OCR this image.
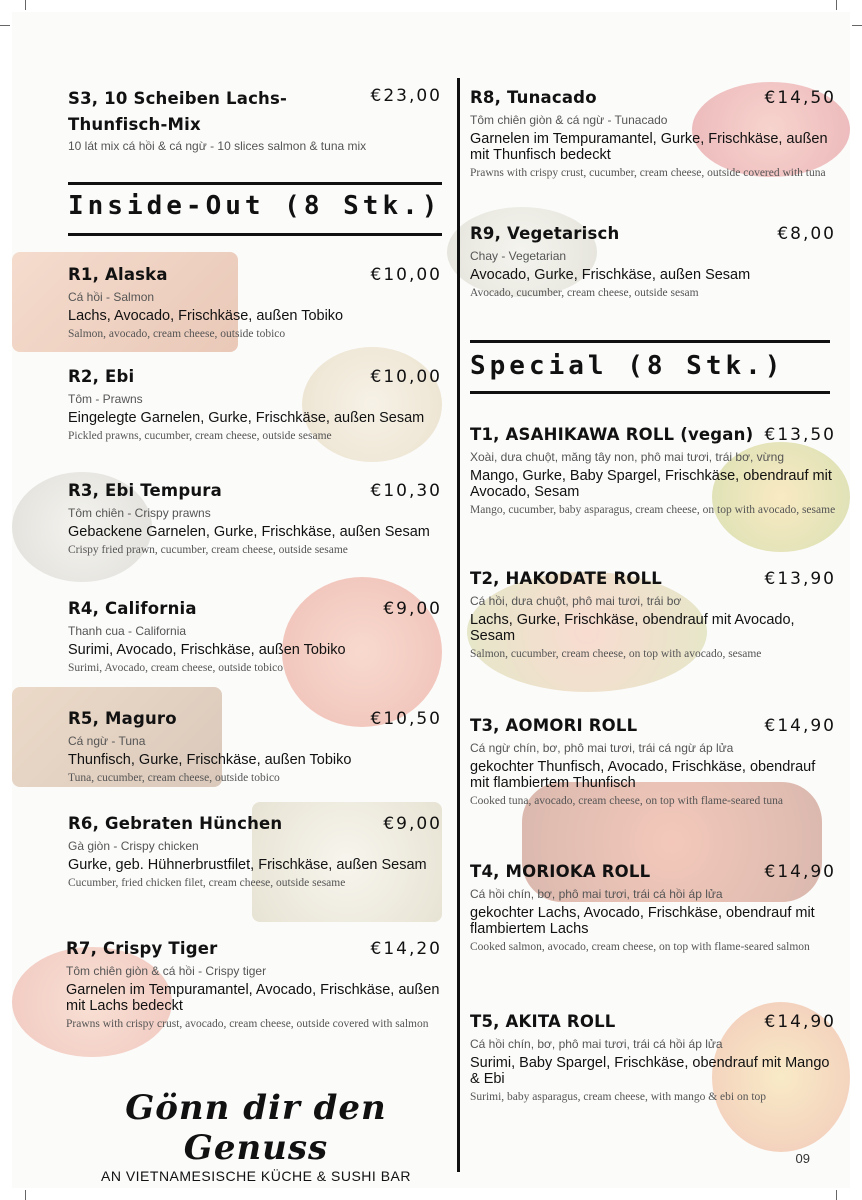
S3, 10 Scheiben Lachs-
Thunfisch-Mix
€23,00
10 lát mix cá hồi & cá ngừ - 10 slices salmon & tuna mix
Inside-Out (8 Stk.)
R1, Alaska	€10,00
Cá hồi - Salmon
Lachs, Avocado, Frischkäse, außen Tobiko
Salmon, avocado, cream cheese, outside tobico
R2, Ebi	€10,00
Tôm - Prawns
Eingelegte Garnelen, Gurke, Frischkäse, außen Sesam
Pickled prawns, cucumber, cream cheese, outside sesame
R3, Ebi Tempura	€10,30
Tôm chiên - Crispy prawns
Gebackene Garnelen, Gurke, Frischkäse, außen Sesam
Crispy fried prawn, cucumber, cream cheese, outside sesame
R4, California	€9,00
Thanh cua - California
Surimi, Avocado, Frischkäse, außen Tobiko
Surimi, Avocado, cream cheese, outside tobico
R5, Maguro	€10,50
Cá ngừ - Tuna
Thunfisch, Gurke, Frischkäse, außen Tobiko
Tuna, cucumber, cream cheese, outside tobico
R6, Gebraten Hünchen	€9,00
Gà giòn - Crispy chicken
Gurke, geb. Hühnerbrustfilet, Frischkäse, außen Sesam
Cucumber, fried chicken filet, cream cheese, outside sesame
R7, Crispy Tiger	€14,20
Tôm chiên giòn & cá hồi - Crispy tiger
Garnelen im Tempuramantel, Avocado, Frischkäse, außen mit Lachs bedeckt
Prawns with crispy crust, avocado, cream cheese, outside covered with salmon
R8, Tunacado	€14,50
Tôm chiên giòn & cá ngừ - Tunacado
Garnelen im Tempuramantel, Gurke, Frischkäse, außen mit Thunfisch bedeckt
Prawns with crispy crust, cucumber, cream cheese, outside covered with tuna
R9, Vegetarisch	€8,00
Chay - Vegetarian
Avocado, Gurke, Frischkäse, außen Sesam
Avocado, cucumber, cream cheese, outside sesam
Special (8 Stk.)
T1, ASAHIKAWA ROLL (vegan) €13,50
Xoài, dưa chuột, măng tây non, phô mai tươi, trái bơ, vừng
Mango, Gurke, Baby Spargel, Frischkäse, obendrauf mit Avocado, Sesam
Mango, cucumber, baby asparagus, cream cheese, on top with avocado, sesame
T2, HAKODATE ROLL	€13,90
Cá hồi, dưa chuột, phô mai tươi, trái bơ
Lachs, Gurke, Frischkäse, obendrauf mit Avocado, Sesam
Salmon, cucumber, cream cheese, on top with avocado, sesame
T3, AOMORI ROLL	€14,90
Cá ngừ chín, bơ, phô mai tươi, trái cá ngừ áp lửa
gekochter Thunfisch, Avocado, Frischkäse, obendrauf mit flambiertem Thunfisch
Cooked tuna, avocado, cream cheese, on top with flame-seared tuna
T4, MORIOKA ROLL	€14,90
Cá hồi chín, bơ, phô mai tươi, trái cá hồi áp lửa
gekochter Lachs, Avocado, Frischkäse, obendrauf mit flambiertem Lachs
Cooked salmon, avocado, cream cheese, on top with flame-seared salmon
T5, AKITA ROLL	€14,90
Cá hồi chín, bơ, phô mai tươi, trái cá hồi áp lửa
Surimi, Baby Spargel, Frischkäse, obendrauf mit Mango & Ebi
Surimi, baby asparagus, cream cheese, with mango & ebi on top
Gönn dir den Genuss
AN VIETNAMESISCHE KÜCHE & SUSHI BAR
09
